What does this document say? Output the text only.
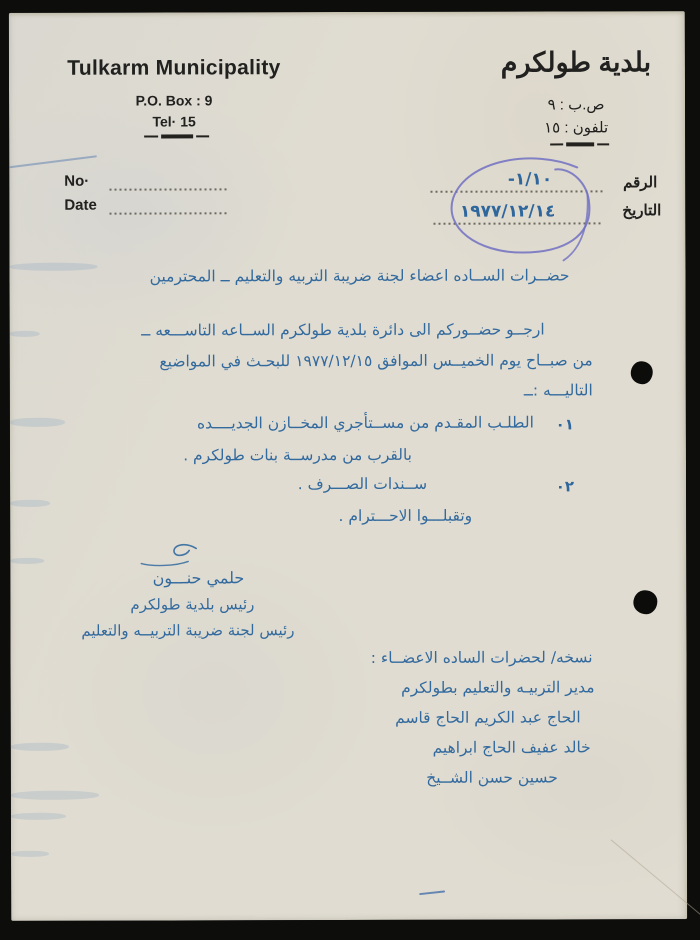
Tulkarm Municipality
P.O. Box : 9
Tel· 15
بلدية طولكرم
ص.ب : ٩
تلفون : ١٥
No·
Date
الرقم
التاريخ
-١/١٠
١٩٧٧/١٢/١٤
حضــرات الســاده اعضاء لجنة ضريبة التربيه والتعليم ــ المحترمين
ارجــو حضــوركم الى دائرة بلدية طولكرم الســاعه التاســـعه ــ
من صبــاح يوم الخميــس الموافق ١٩٧٧/١٢/١٥ للبحـث في المواضيع
التاليـــه :ــ
٠١
الطلـب المقـدم من مســتأجري المخــازن الجديــــده
بالقرب من مدرســة بنات طولكرم .
٠٢
ســندات الصـــرف .
وتقبلـــوا الاحـــترام .
حلمي حنـــون
رئيس بلدية طولكرم
رئيس لجنة ضريبة التربيــه والتعليم
نسخه/ لحضرات الساده الاعضــاء :
مدير التربيـه والتعليم بطولكرم
الحاج عبد الكريم الحاج قاسم
خالد عفيف الحاج ابراهيم
حسين حسن الشــيخ
